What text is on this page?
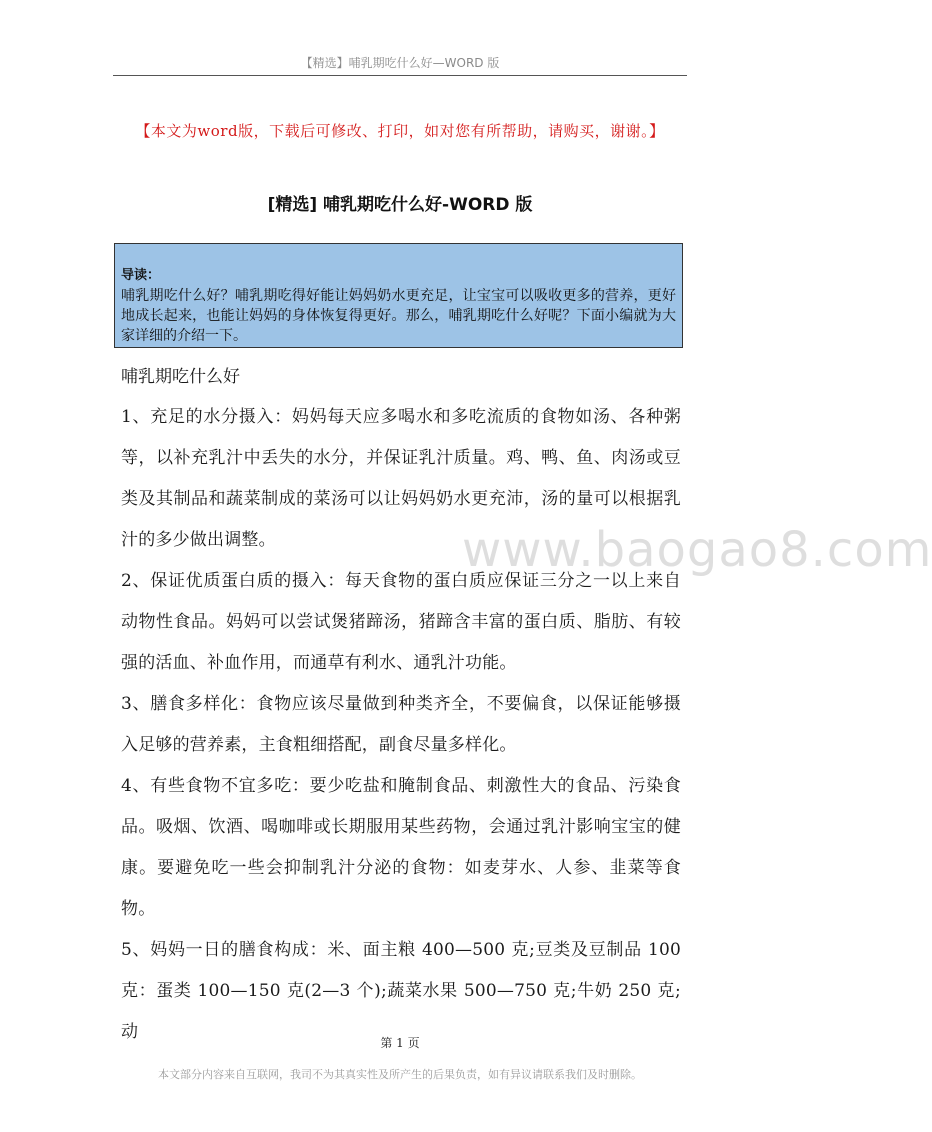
【精选】哺乳期吃什么好—WORD 版
【本文为word版，下载后可修改、打印，如对您有所帮助，请购买，谢谢。】
[精选] 哺乳期吃什么好-WORD 版
导读：
哺乳期吃什么好？哺乳期吃得好能让妈妈奶水更充足，让宝宝可以吸收更多的营养，更好地成长起来，也能让妈妈的身体恢复得更好。那么，哺乳期吃什么好呢？下面小编就为大家详细的介绍一下。
哺乳期吃什么好
1、充足的水分摄入：妈妈每天应多喝水和多吃流质的食物如汤、各种粥等，以补充乳汁中丢失的水分，并保证乳汁质量。鸡、鸭、鱼、肉汤或豆类及其制品和蔬菜制成的菜汤可以让妈妈奶水更充沛，汤的量可以根据乳汁的多少做出调整。
2、保证优质蛋白质的摄入：每天食物的蛋白质应保证三分之一以上来自动物性食品。妈妈可以尝试煲猪蹄汤，猪蹄含丰富的蛋白质、脂肪、有较强的活血、补血作用，而通草有利水、通乳汁功能。
3、膳食多样化：食物应该尽量做到种类齐全，不要偏食，以保证能够摄入足够的营养素，主食粗细搭配，副食尽量多样化。
4、有些食物不宜多吃：要少吃盐和腌制食品、刺激性大的食品、污染食品。吸烟、饮酒、喝咖啡或长期服用某些药物，会通过乳汁影响宝宝的健康。要避免吃一些会抑制乳汁分泌的食物：如麦芽水、人参、韭菜等食物。
5、妈妈一日的膳食构成：米、面主粮 400—500 克;豆类及豆制品 100 克：蛋类 100—150 克(2—3 个);蔬菜水果 500—750 克;牛奶 250 克;动
www.baogao8.com
第 1 页
本文部分内容来自互联网，我司不为其真实性及所产生的后果负责，如有异议请联系我们及时删除。
